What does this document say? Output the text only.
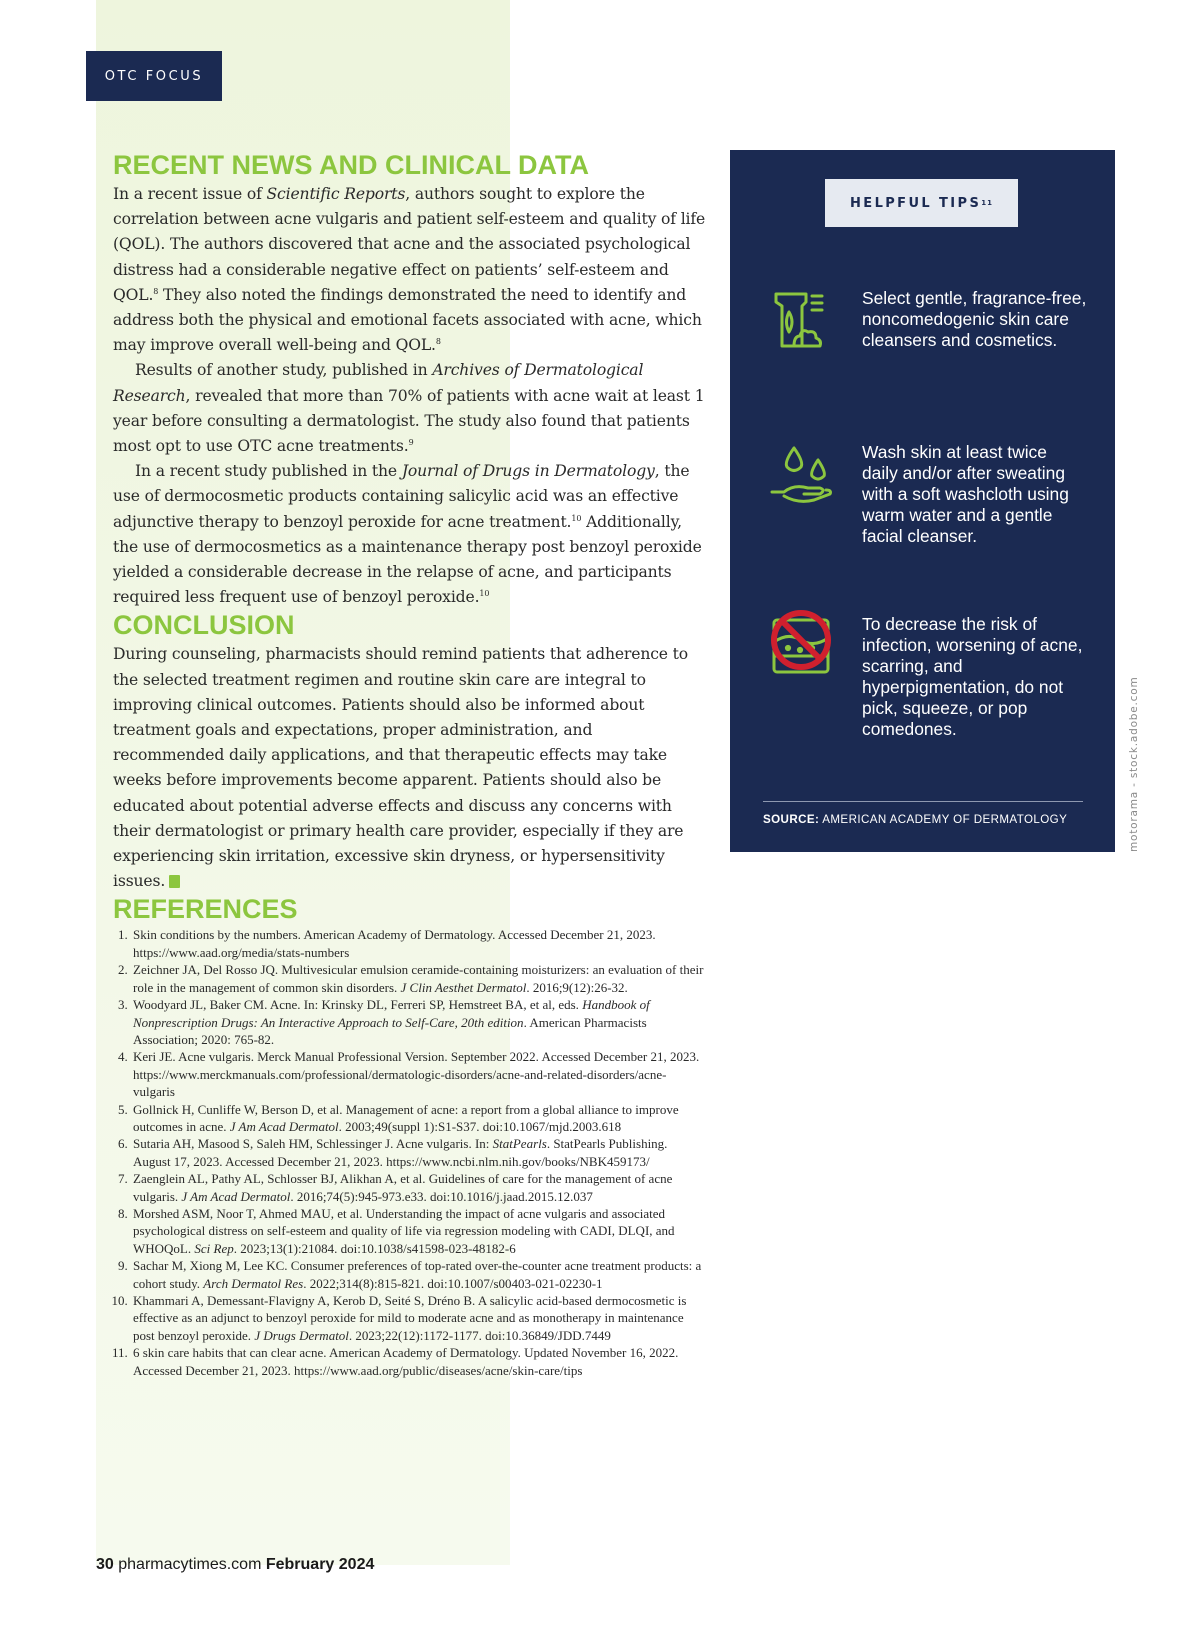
OTC FOCUS
RECENT NEWS AND CLINICAL DATA

In a recent issue of Scientific Reports, authors sought to explore the correlation between acne vulgaris and patient self-esteem and quality of life (QOL). The authors discovered that acne and the associated psychological distress had a considerable negative effect on patients’ self-esteem and QOL.$^8$ They also noted the findings demonstrated the need to identify and address both the physical and emotional facets associated with acne, which may improve overall well-being and QOL.$^8$

Results of another study, published in Archives of Dermatological Research, revealed that more than 70% of patients with acne wait at least 1 year before consulting a dermatologist. The study also found that patients most opt to use OTC acne treatments.$^9$

In a recent study published in the Journal of Drugs in Dermatology, the use of dermocosmetic products containing salicylic acid was an effective adjunctive therapy to benzoyl peroxide for acne treatment.$^{10}$ Additionally, the use of dermocosmetics as a maintenance therapy post benzoyl peroxide yielded a considerable decrease in the relapse of acne, and participants required less frequent use of benzoyl peroxide.$^{10}$

CONCLUSION

During counseling, pharmacists should remind patients that adherence to the selected treatment regimen and routine skin care are integral to improving clinical outcomes. Patients should also be informed about treatment goals and expectations, proper administration, and recommended daily applications, and that therapeutic effects may take weeks before improvements become apparent. Patients should also be educated about potential adverse effects and discuss any concerns with their dermatologist or primary health care provider, especially if they are experiencing skin irritation, excessive skin dryness, or hypersensitivity issues.

REFERENCES
1. Skin conditions by the numbers. American Academy of Dermatology. Accessed December 21, 2023. https://www.aad.org/media/stats-numbers
2. Zeichner JA, Del Rosso JQ. Multivesicular emulsion ceramide-containing moisturizers: an evaluation of their role in the management of common skin disorders. J Clin Aesthet Dermatol. 2016;9(12):26-32.
3. Woodyard JL, Baker CM. Acne. In: Krinsky DL, Ferreri SP, Hemstreet BA, et al, eds. Handbook of Nonprescription Drugs: An Interactive Approach to Self-Care, 20th edition. American Pharmacists Association; 2020: 765-82.
4. Keri JE. Acne vulgaris. Merck Manual Professional Version. September 2022. Accessed December 21, 2023. https://www.merckmanuals.com/professional/dermatologic-disorders/acne-and-related-disorders/acne-vulgaris
5. Gollnick H, Cunliffe W, Berson D, et al. Management of acne: a report from a global alliance to improve outcomes in acne. J Am Acad Dermatol. 2003;49(suppl 1):S1-S37. doi:10.1067/mjd.2003.618
6. Sutaria AH, Masood S, Saleh HM, Schlessinger J. Acne vulgaris. In: StatPearls. StatPearls Publishing. August 17, 2023. Accessed December 21, 2023. https://www.ncbi.nlm.nih.gov/books/NBK459173/
7. Zaenglein AL, Pathy AL, Schlosser BJ, Alikhan A, et al. Guidelines of care for the management of acne vulgaris. J Am Acad Dermatol. 2016;74(5):945-973.e33. doi:10.1016/j.jaad.2015.12.037
8. Morshed ASM, Noor T, Ahmed MAU, et al. Understanding the impact of acne vulgaris and associated psychological distress on self-esteem and quality of life via regression modeling with CADI, DLQI, and WHOQoL. Sci Rep. 2023;13(1):21084. doi:10.1038/s41598-023-48182-6
9. Sachar M, Xiong M, Lee KC. Consumer preferences of top-rated over-the-counter acne treatment products: a cohort study. Arch Dermatol Res. 2022;314(8):815-821. doi:10.1007/s00403-021-02230-1
10. Khammari A, Demessant-Flavigny A, Kerob D, Seité S, Dréno B. A salicylic acid-based dermocosmetic is effective as an adjunct to benzoyl peroxide for mild to moderate acne and as monotherapy in maintenance post benzoyl peroxide. J Drugs Dermatol. 2023;22(12):1172-1177. doi:10.36849/JDD.7449
11. 6 skin care habits that can clear acne. American Academy of Dermatology. Updated November 16, 2022. Accessed December 21, 2023. https://www.aad.org/public/diseases/acne/skin-care/tips
HELPFUL TIPS 11
Select gentle, fragrance-free, noncomedogenic skin care cleansers and cosmetics.
Wash skin at least twice daily and/or after sweating with a soft washcloth using warm water and a gentle facial cleanser.
To decrease the risk of infection, worsening of acne, scarring, and hyperpigmentation, do not pick, squeeze, or pop comedones.
SOURCE: AMERICAN ACADEMY OF DERMATOLOGY	motorama - stock.adobe.com
30 pharmacytimes.com February 2024
